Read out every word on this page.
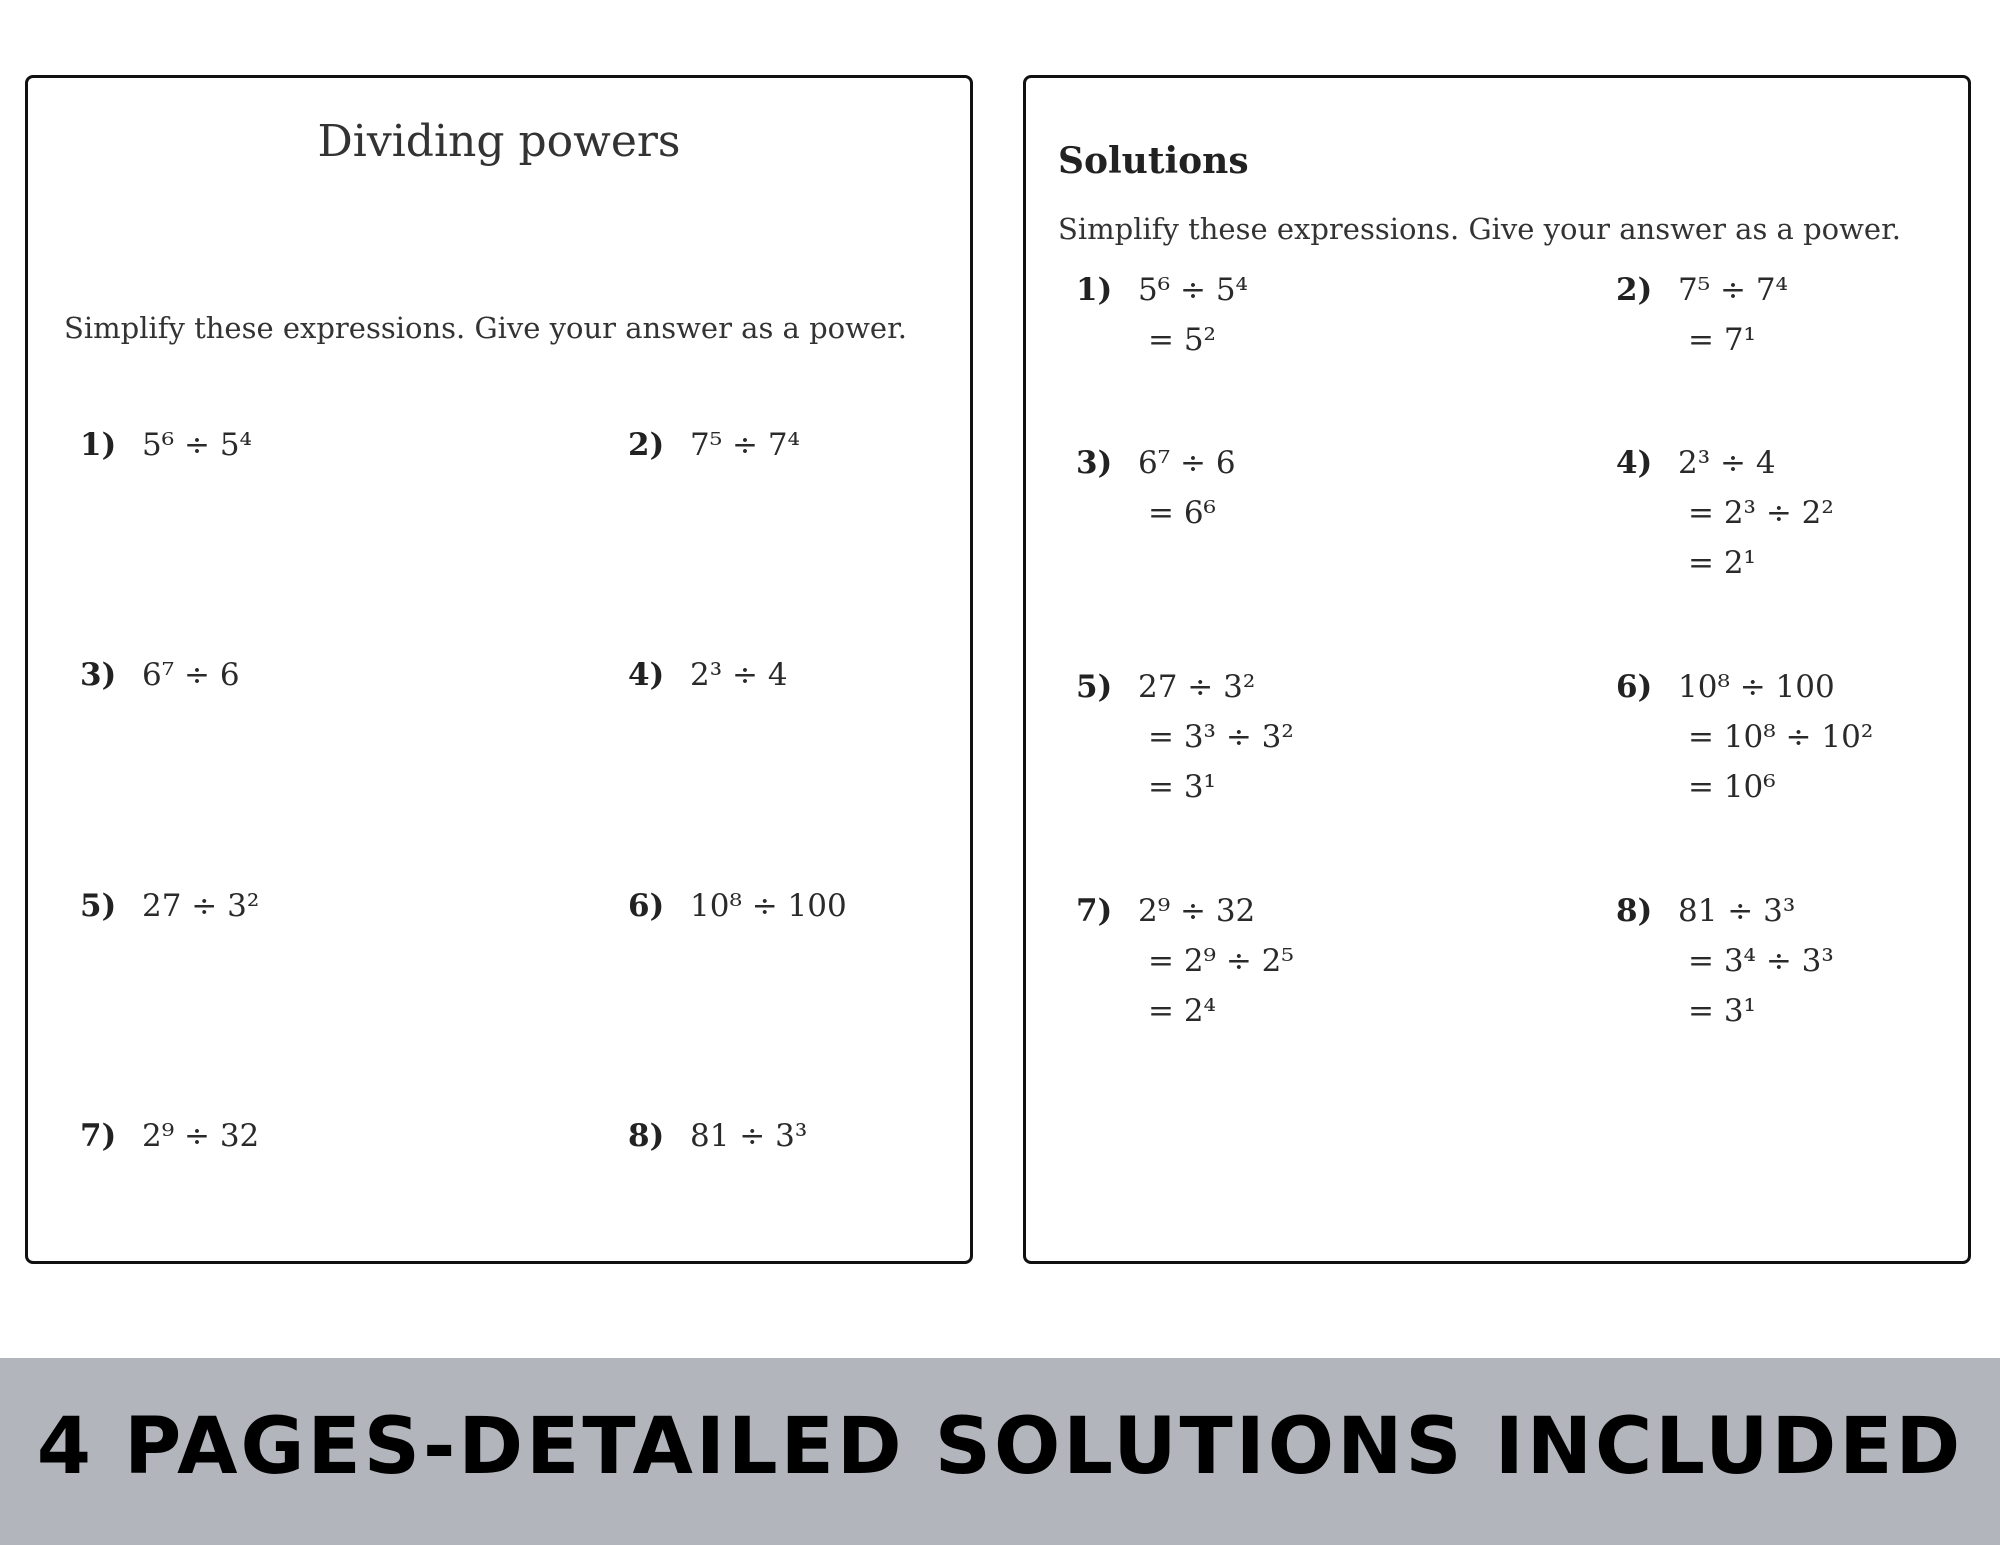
Dividing powers
Simplify these expressions. Give your answer as a power.
1) 5⁶ ÷ 5⁴	2) 7⁵ ÷ 7⁴
3) 6⁷ ÷ 6	4) 2³ ÷ 4
5) 27 ÷ 3²	6) 10⁸ ÷ 100
7) 2⁹ ÷ 32	8) 81 ÷ 3³
Solutions
Simplify these expressions. Give your answer as a power.
1) 5⁶ ÷ 5⁴
= 5²
2) 7⁵ ÷ 7⁴
= 7¹
3) 6⁷ ÷ 6
= 6⁶
4) 2³ ÷ 4
= 2³ ÷ 2²
= 2¹
5) 27 ÷ 3²
= 3³ ÷ 3²
= 3¹
6) 10⁸ ÷ 100
= 10⁸ ÷ 10²
= 10⁶
7) 2⁹ ÷ 32
= 2⁹ ÷ 2⁵
= 2⁴
8) 81 ÷ 3³
= 3⁴ ÷ 3³
= 3¹
4 PAGES-DETAILED SOLUTIONS INCLUDED
